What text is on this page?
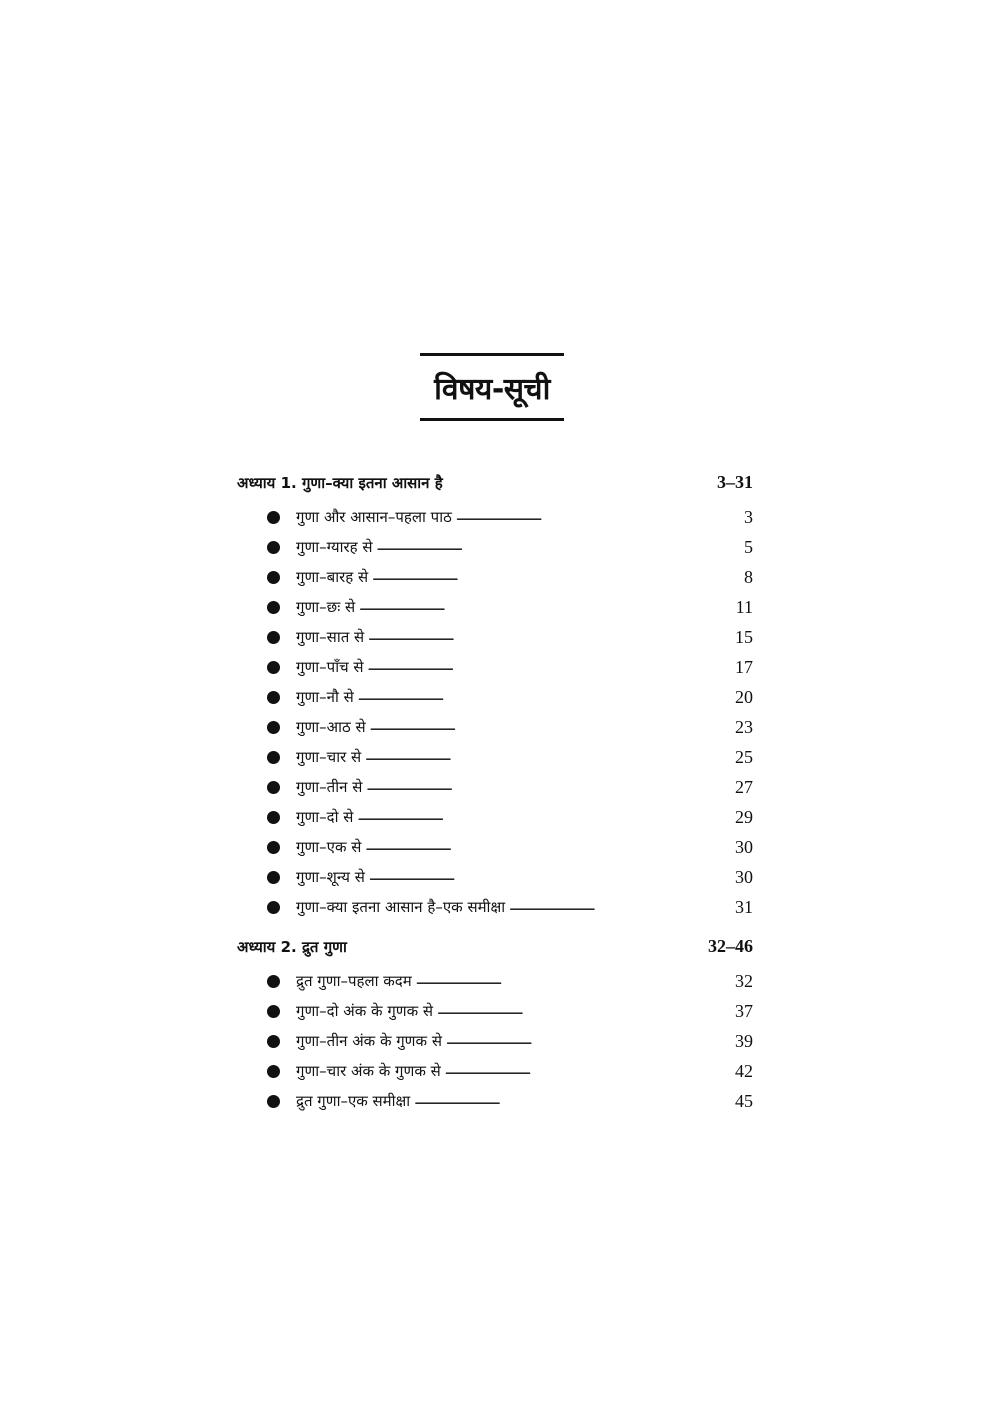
विषय-सूची
अध्याय 1. गुणा–क्या इतना आसान है	3–31
गुणा और आसान–पहला पाठ . . .	3
गुणा–ग्यारह से . . .	5
गुणा–बारह से . . .	8
गुणा–छः से . . .	11
गुणा–सात से . . .	15
गुणा–पाँच से . . .	17
गुणा–नौ से . . .	20
गुणा–आठ से . . .	23
गुणा–चार से . . .	25
गुणा–तीन से . . .	27
गुणा–दो से . . .	29
गुणा–एक से . . .	30
गुणा–शून्य से . . .	30
गुणा–क्या इतना आसान है–एक समीक्षा . . .	31
अध्याय 2. द्रुत गुणा	32–46
द्रुत गुणा–पहला कदम . . .	32
गुणा–दो अंक के गुणक से . . .	37
गुणा–तीन अंक के गुणक से . . .	39
गुणा–चार अंक के गुणक से . . .	42
द्रुत गुणा–एक समीक्षा . . .	45
